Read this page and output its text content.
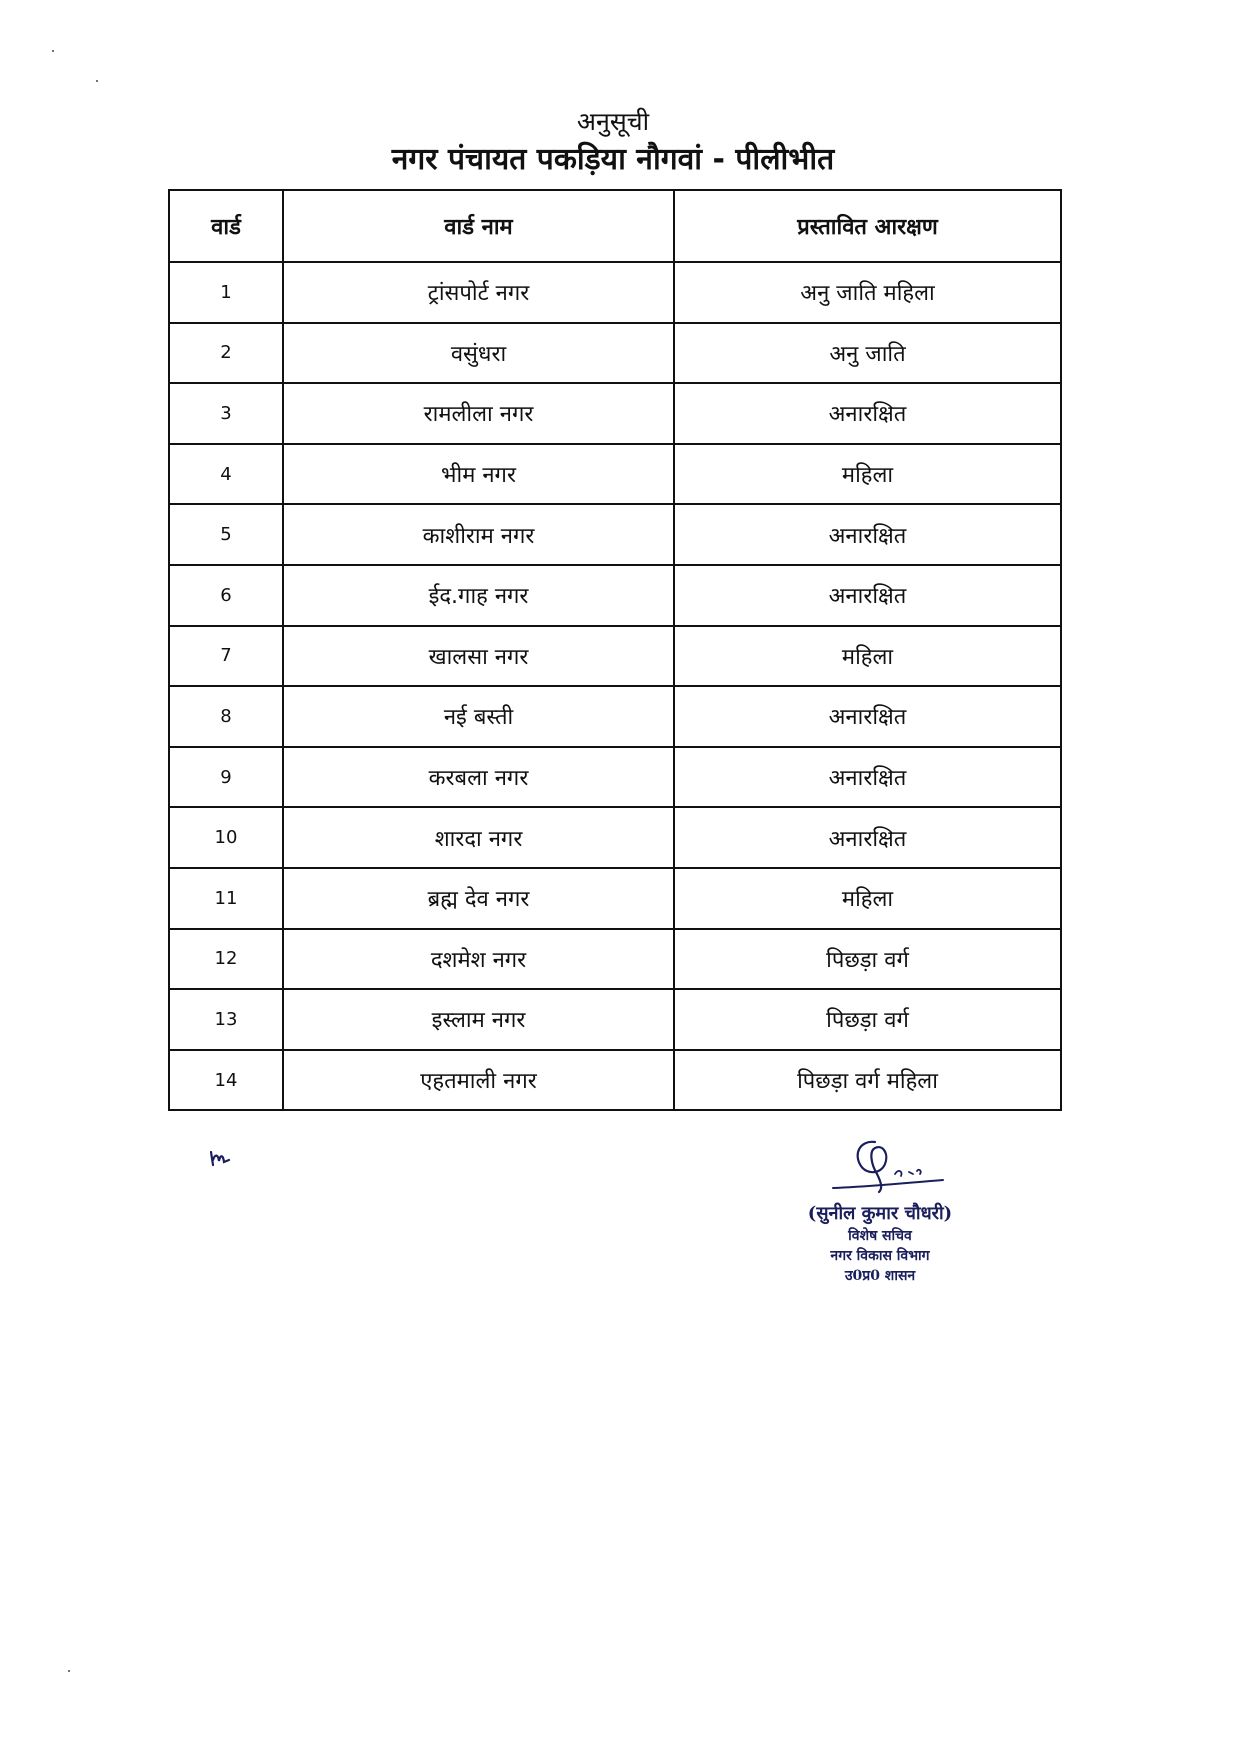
अनुसूची
नगर पंचायत पकड़िया नौगवां - पीलीभीत
वार्ड	वार्ड नाम	प्रस्तावित आरक्षण
1	ट्रांसपोर्ट नगर	अनु जाति महिला
2	वसुंधरा	अनु जाति
3	रामलीला नगर	अनारक्षित
4	भीम नगर	महिला
5	काशीराम नगर	अनारक्षित
6	ईद.गाह नगर	अनारक्षित
7	खालसा नगर	महिला
8	नई बस्ती	अनारक्षित
9	करबला नगर	अनारक्षित
10	शारदा नगर	अनारक्षित
11	ब्रह्म देव नगर	महिला
12	दशमेश नगर	पिछड़ा वर्ग
13	इस्लाम नगर	पिछड़ा वर्ग
14	एहतमाली नगर	पिछड़ा वर्ग महिला
(सुनील कुमार चौधरी)
विशेष सचिव
नगर विकास विभाग
उ0प्र0 शासन
